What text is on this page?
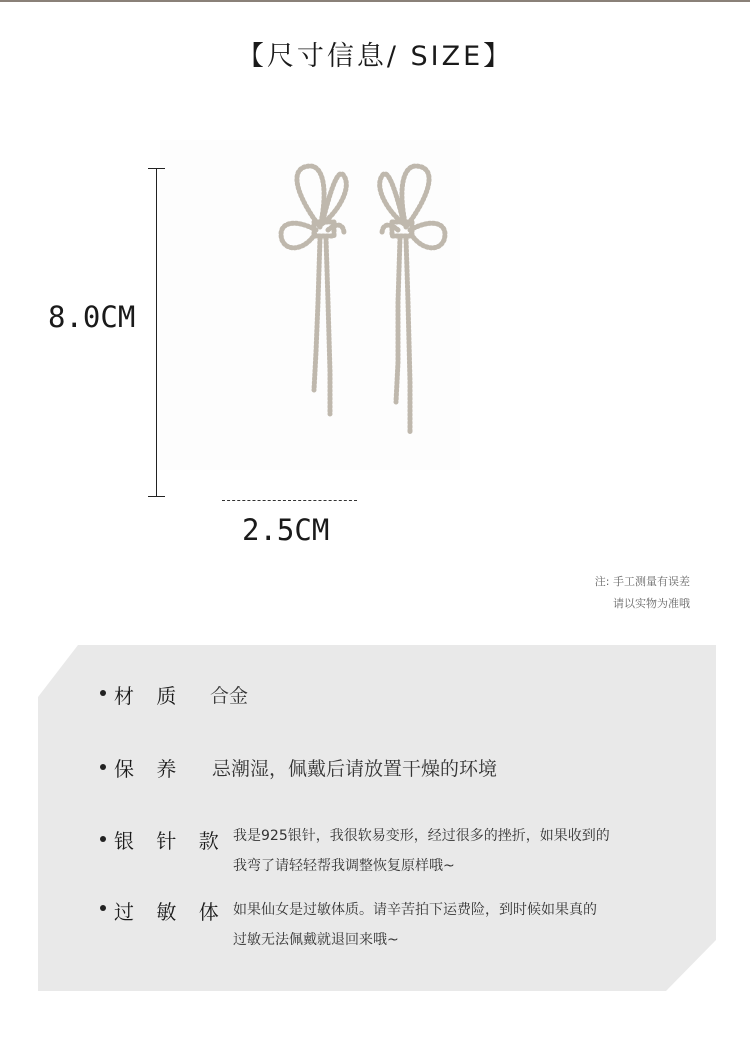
【尺寸信息/ SIZE】
8.0CM
2.5CM
注: 手工测量有误差
请以实物为准哦
材 质 合金
保 养 忌潮湿，佩戴后请放置干燥的环境
银 针 款 我是925银针，我很软易变形，经过很多的挫折，如果收到的
我弯了请轻轻帮我调整恢复原样哦~
过 敏 体 如果仙女是过敏体质。请辛苦拍下运费险，到时候如果真的
过敏无法佩戴就退回来哦~
